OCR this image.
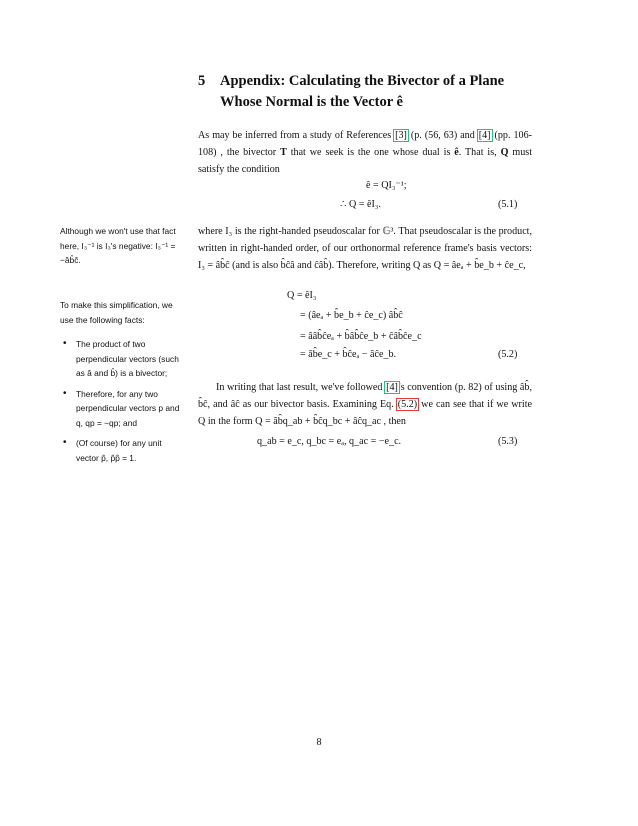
5 Appendix: Calculating the Bivector of a Plane
Whose Normal is the Vector ê
As may be inferred from a study of References [3] (p. (56, 63) and [4] (pp. 106-108) , the bivector T that we seek is the one whose dual is ê. That is, Q must satisfy the condition
ê = QI₃⁻¹;
∴ Q = êI₃.	(5.1)
where I₃ is the right-handed pseudoscalar for 𝔾³. That pseudoscalar is the product, written in right-handed order, of our orthonormal reference frame's basis vectors: I₃ = âb̂ĉ (and is also b̂ĉâ and ĉâb̂). Therefore, writing Q as Q = âeₐ + b̂e_b + ĉe_c,
Q = êI₃
= (âeₐ + b̂e_b + ĉe_c) âb̂ĉ
= ââb̂ĉeₐ + b̂âb̂ĉe_b + ĉâb̂ĉe_c
= âb̂e_c + b̂ĉeₐ − âĉe_b.	(5.2)
In writing that last result, we've followed [4]'s convention (p. 82) of using âb̂, b̂ĉ, and âĉ as our bivector basis. Examining Eq. (5.2) we can see that if we write Q in the form Q = âb̂q_ab + b̂ĉq_bc + âĉq_ac , then
q_ab = e_c, q_bc = eₐ, q_ac = −e_c.	(5.3)
Although we won't use that fact here, I₃⁻¹ is I₃'s negative: I₃⁻¹ = −âb̂ĉ.
To make this simplification, we use the following facts:
• The product of two perpendicular vectors (such as â and b̂) is a bivector;
• Therefore, for any two perpendicular vectors p and q, qp = −qp; and
• (Of course) for any unit vector p̂, p̂p̂ = 1.
8
